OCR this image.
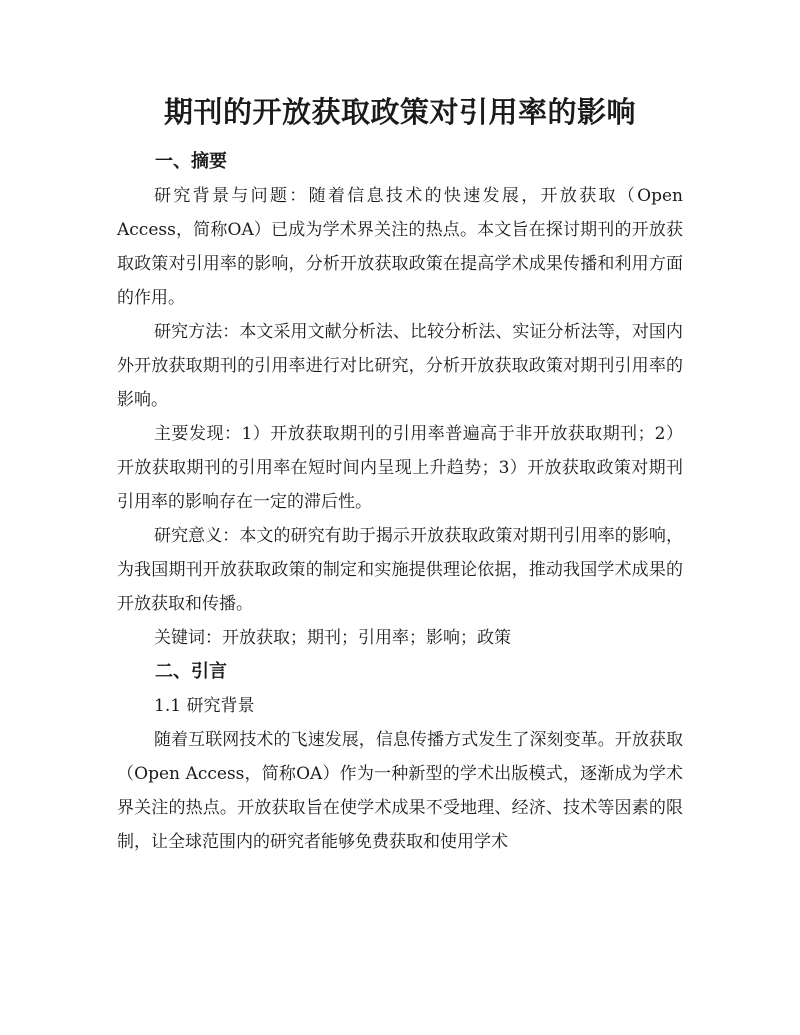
期刊的开放获取政策对引用率的影响
一、摘要

研究背景与问题：随着信息技术的快速发展，开放获取（Open Access，简称OA）已成为学术界关注的热点。本文旨在探讨期刊的开放获取政策对引用率的影响，分析开放获取政策在提高学术成果传播和利用方面的作用。

研究方法：本文采用文献分析法、比较分析法、实证分析法等，对国内外开放获取期刊的引用率进行对比研究，分析开放获取政策对期刊引用率的影响。

主要发现：1）开放获取期刊的引用率普遍高于非开放获取期刊；2）开放获取期刊的引用率在短时间内呈现上升趋势；3）开放获取政策对期刊引用率的影响存在一定的滞后性。

研究意义：本文的研究有助于揭示开放获取政策对期刊引用率的影响，为我国期刊开放获取政策的制定和实施提供理论依据，推动我国学术成果的开放获取和传播。

关键词：开放获取；期刊；引用率；影响；政策

二、引言

1.1 研究背景

随着互联网技术的飞速发展，信息传播方式发生了深刻变革。开放获取（Open Access，简称OA）作为一种新型的学术出版模式，逐渐成为学术界关注的热点。开放获取旨在使学术成果不受地理、经济、技术等因素的限制，让全球范围内的研究者能够免费获取和使用学术
